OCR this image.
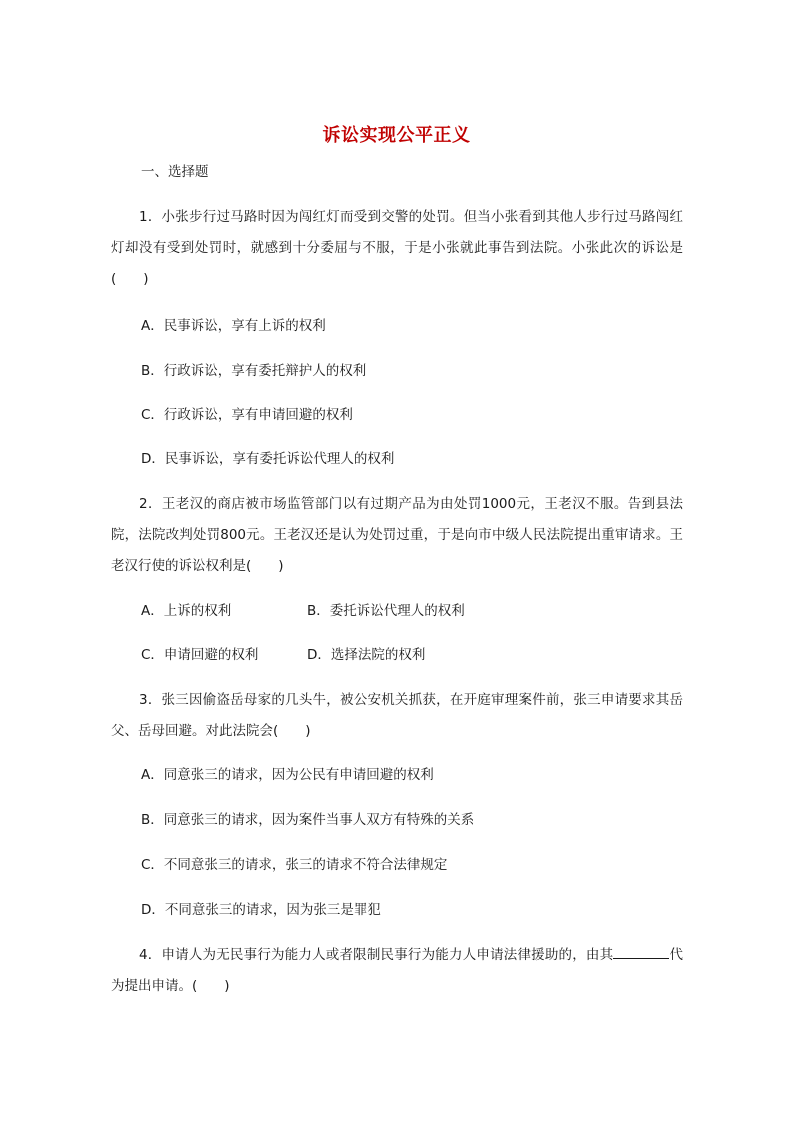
诉讼实现公平正义
一、选择题
1．小张步行过马路时因为闯红灯而受到交警的处罚。但当小张看到其他人步行过马路闯红灯却没有受到处罚时，就感到十分委屈与不服，于是小张就此事告到法院。小张此次的诉讼是(　　)
A．民事诉讼，享有上诉的权利
B．行政诉讼，享有委托辩护人的权利
C．行政诉讼，享有申请回避的权利
D．民事诉讼，享有委托诉讼代理人的权利
2．王老汉的商店被市场监管部门以有过期产品为由处罚1000元，王老汉不服。告到县法院，法院改判处罚800元。王老汉还是认为处罚过重，于是向市中级人民法院提出重审请求。王老汉行使的诉讼权利是(　　)
A．上诉的权利	B．委托诉讼代理人的权利
C．申请回避的权利	D．选择法院的权利
3．张三因偷盗岳母家的几头牛，被公安机关抓获，在开庭审理案件前，张三申请要求其岳父、岳母回避。对此法院会(　　)
A．同意张三的请求，因为公民有申请回避的权利
B．同意张三的请求，因为案件当事人双方有特殊的关系
C．不同意张三的请求，张三的请求不符合法律规定
D．不同意张三的请求，因为张三是罪犯
4．申请人为无民事行为能力人或者限制民事行为能力人申请法律援助的，由其	代为提出申请。(　　)
